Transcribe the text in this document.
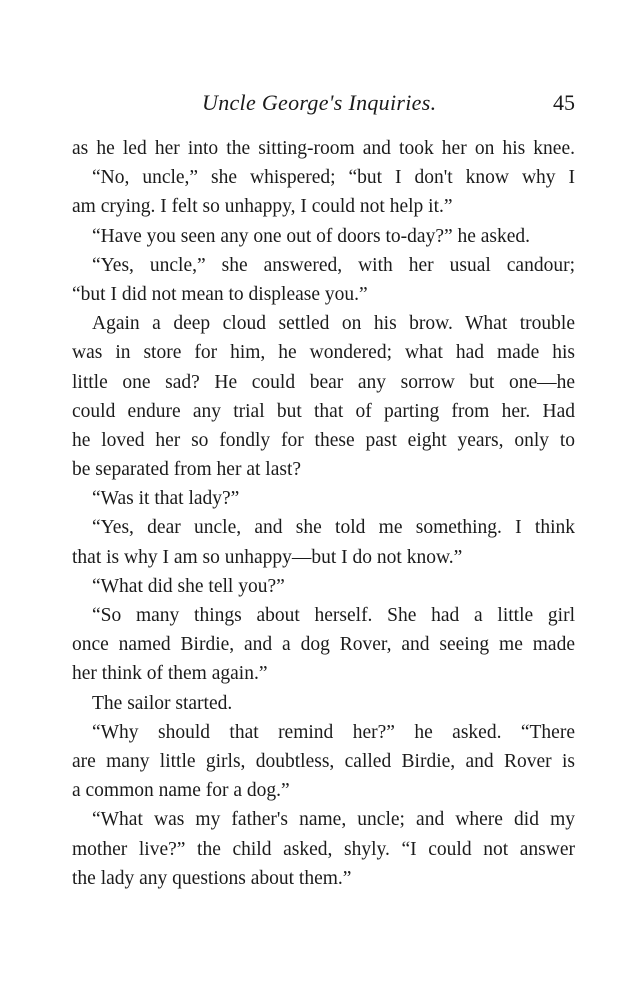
Uncle George's Inquiries.	45
as he led her into the sitting-room and took her on his knee.
“No, uncle,” she whispered; “but I don't know why I
am crying. I felt so unhappy, I could not help it.”
“Have you seen any one out of doors to-day?” he asked.
“Yes, uncle,” she answered, with her usual candour;
“but I did not mean to displease you.”
Again a deep cloud settled on his brow. What trouble
was in store for him, he wondered; what had made his
little one sad? He could bear any sorrow but one—he
could endure any trial but that of parting from her. Had
he loved her so fondly for these past eight years, only to
be separated from her at last?
“Was it that lady?”
“Yes, dear uncle, and she told me something. I think
that is why I am so unhappy—but I do not know.”
“What did she tell you?”
“So many things about herself. She had a little girl
once named Birdie, and a dog Rover, and seeing me made
her think of them again.”
The sailor started.
“Why should that remind her?” he asked. “There
are many little girls, doubtless, called Birdie, and Rover is
a common name for a dog.”
“What was my father's name, uncle; and where did my
mother live?” the child asked, shyly. “I could not answer
the lady any questions about them.”
